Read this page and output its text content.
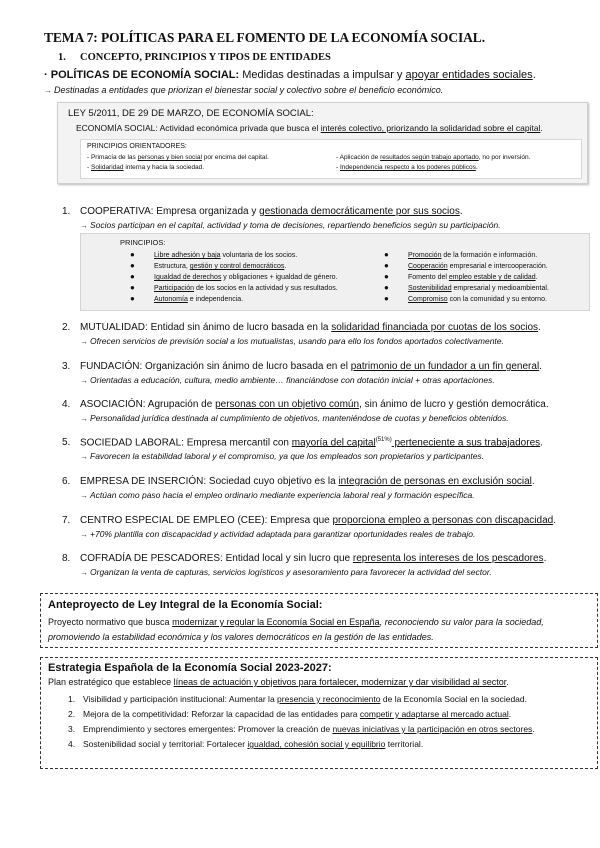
TEMA 7: POLÍTICAS PARA EL FOMENTO DE LA ECONOMÍA SOCIAL.
1. CONCEPTO, PRINCIPIOS Y TIPOS DE ENTIDADES
· POLÍTICAS DE ECONOMÍA SOCIAL: Medidas destinadas a impulsar y apoyar entidades sociales.
→ Destinadas a entidades que priorizan el bienestar social y colectivo sobre el beneficio económico.
LEY 5/2011, DE 29 DE MARZO, DE ECONOMÍA SOCIAL:
ECONOMÍA SOCIAL: Actividad económica privada que busca el interés colectivo, priorizando la solidaridad sobre el capital.
PRINCIPIOS ORIENTADORES:
- Primacía de las personas y bien social por encima del capital.
- Solidaridad interna y hacia la sociedad.
- Aplicación de resultados según trabajo aportado, no por inversión.
- Independencia respecto a los poderes públicos.
1. COOPERATIVA: Empresa organizada y gestionada democráticamente por sus socios.
→ Socios participan en el capital, actividad y toma de decisiones, repartiendo beneficios según su participación.
PRINCIPIOS:
●	Libre adhesión y baja voluntaria de los socios.
●	Estructura, gestión y control democráticos.
●	Igualdad de derechos y obligaciones + igualdad de género.
●	Participación de los socios en la actividad y sus resultados.
●	Autonomía e independencia.
●	Promoción de la formación e información.
●	Cooperación empresarial e intercooperación.
●	Fomento del empleo estable y de calidad.
●	Sostenibilidad empresarial y medioambiental.
●	Compromiso con la comunidad y su entorno.
2. MUTUALIDAD: Entidad sin ánimo de lucro basada en la solidaridad financiada por cuotas de los socios.
→ Ofrecen servicios de previsión social a los mutualistas, usando para ello los fondos aportados colectivamente.
3. FUNDACIÓN: Organización sin ánimo de lucro basada en el patrimonio de un fundador a un fin general.
→ Orientadas a educación, cultura, medio ambiente… financiándose con dotación inicial + otras aportaciones.
4. ASOCIACIÓN: Agrupación de personas con un objetivo común, sin ánimo de lucro y gestión democrática.
→ Personalidad jurídica destinada al cumplimiento de objetivos, manteniéndose de cuotas y beneficios obtenidos.
5. SOCIEDAD LABORAL: Empresa mercantil con mayoría del capital$^{(51\%)}$ perteneciente a sus trabajadores.
→ Favorecen la estabilidad laboral y el compromiso, ya que los empleados son propietarios y participantes.
6. EMPRESA DE INSERCIÓN: Sociedad cuyo objetivo es la integración de personas en exclusión social.
→ Actúan como paso hacia el empleo ordinario mediante experiencia laboral real y formación específica.
7. CENTRO ESPECIAL DE EMPLEO (CEE): Empresa que proporciona empleo a personas con discapacidad.
→ +70% plantilla con discapacidad y actividad adaptada para garantizar oportunidades reales de trabajo.
8. COFRADÍA DE PESCADORES: Entidad local y sin lucro que representa los intereses de los pescadores.
→ Organizan la venta de capturas, servicios logísticos y asesoramiento para favorecer la actividad del sector.
Anteproyecto de Ley Integral de la Economía Social:
Proyecto normativo que busca modernizar y regular la Economía Social en España, reconociendo su valor para la sociedad, promoviendo la estabilidad económica y los valores democráticos en la gestión de las entidades.
Estrategia Española de la Economía Social 2023-2027:
Plan estratégico que establece líneas de actuación y objetivos para fortalecer, modernizar y dar visibilidad al sector.
1. Visibilidad y participación institucional: Aumentar la presencia y reconocimiento de la Economía Social en la sociedad.
2. Mejora de la competitividad: Reforzar la capacidad de las entidades para competir y adaptarse al mercado actual.
3. Emprendimiento y sectores emergentes: Promover la creación de nuevas iniciativas y la participación en otros sectores.
4. Sostenibilidad social y territorial: Fortalecer igualdad, cohesión social y equilibrio territorial.
